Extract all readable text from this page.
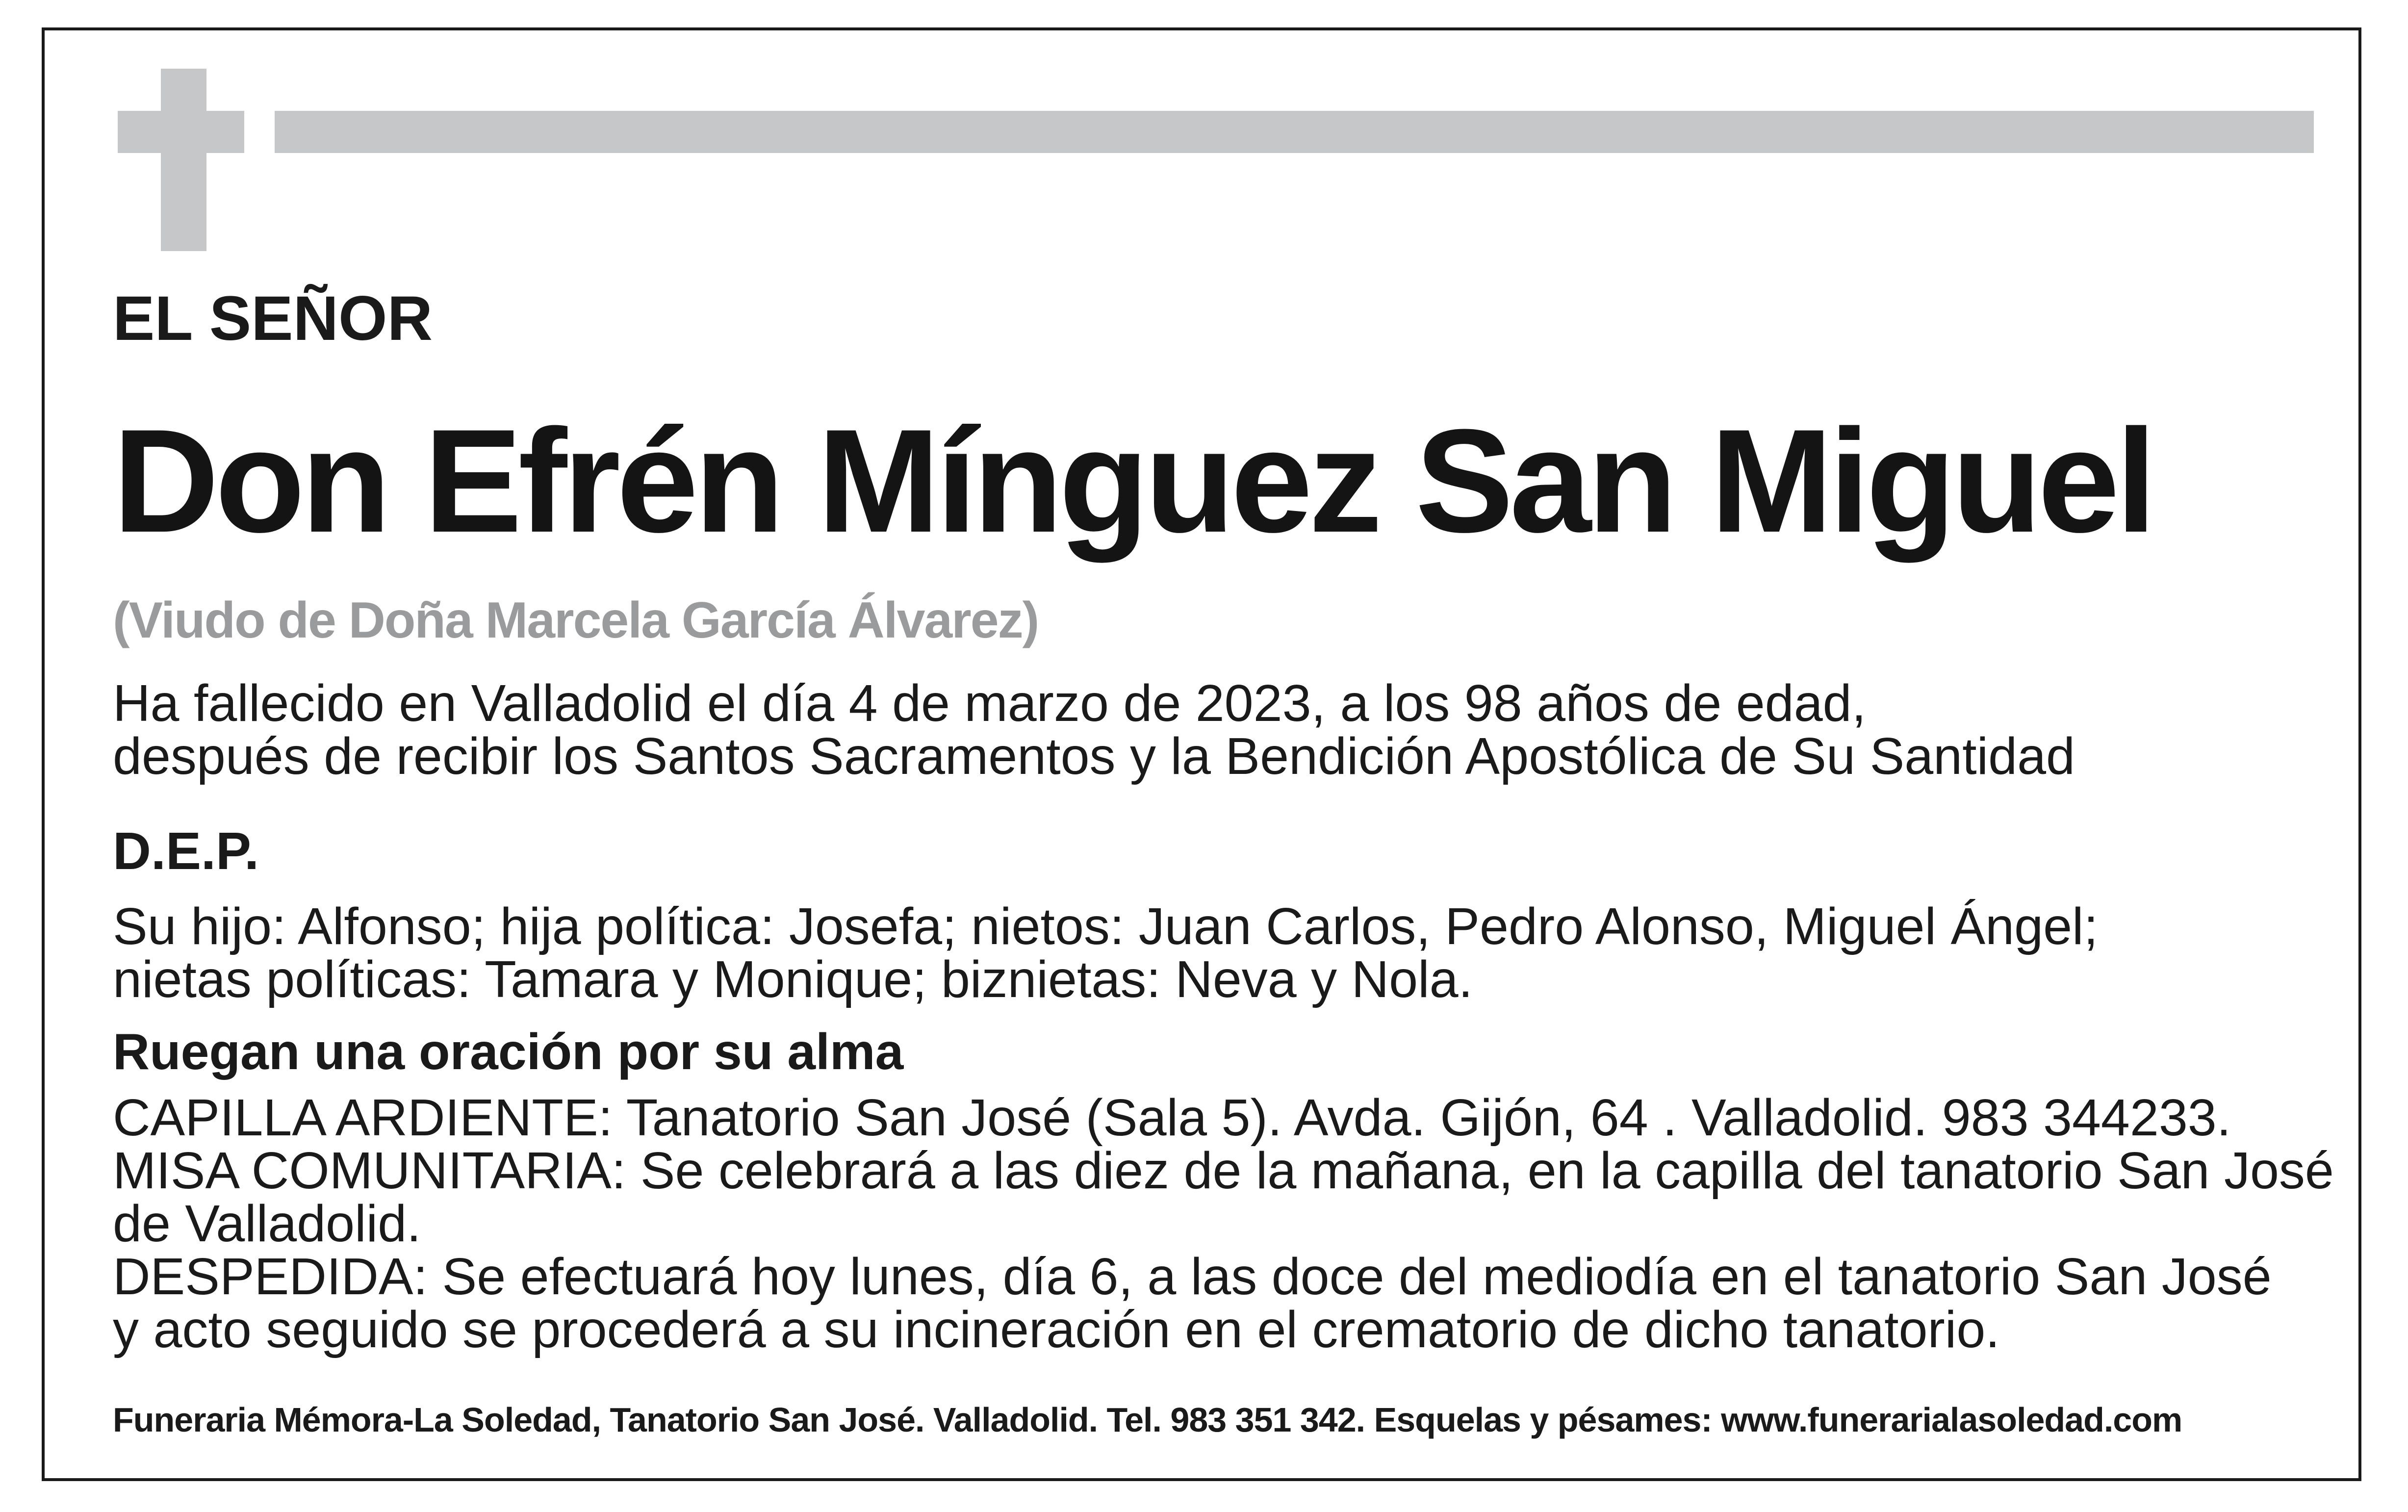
EL SEÑOR
Don Efrén Mínguez San Miguel
(Viudo de Doña Marcela García Álvarez)
Ha fallecido en Valladolid el día 4 de marzo de 2023, a los 98 años de edad,
después de recibir los Santos Sacramentos y la Bendición Apostólica de Su Santidad
D.E.P.
Su hijo: Alfonso; hija política: Josefa; nietos: Juan Carlos, Pedro Alonso, Miguel Ángel;
nietas políticas: Tamara y Monique; biznietas: Neva y Nola.
Ruegan una oración por su alma
CAPILLA ARDIENTE: Tanatorio San José (Sala 5). Avda. Gijón, 64 . Valladolid. 983 344233.
MISA COMUNITARIA: Se celebrará a las diez de la mañana, en la capilla del tanatorio San José
de Valladolid.
DESPEDIDA: Se efectuará hoy lunes, día 6, a las doce del mediodía en el tanatorio San José
y acto seguido se procederá a su incineración en el crematorio de dicho tanatorio.
Funeraria Mémora-La Soledad, Tanatorio San José. Valladolid. Tel. 983 351 342. Esquelas y pésames: www.funerarialasoledad.com
